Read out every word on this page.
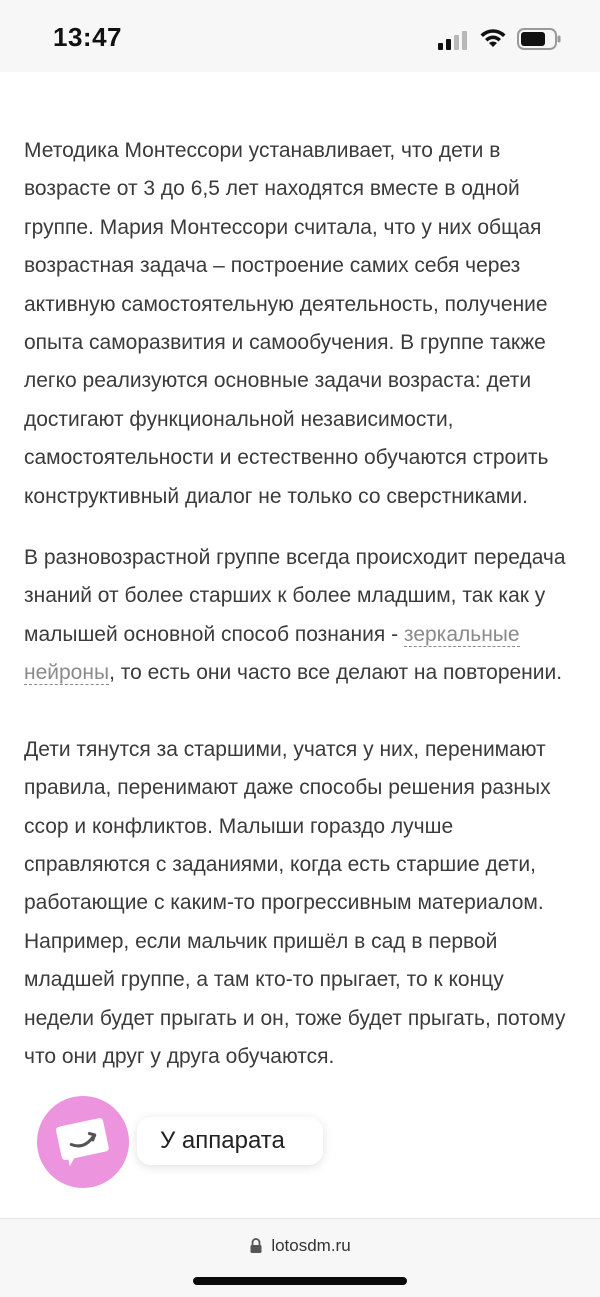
13:47

Методика Монтессори устанавливает, что дети в возрасте от 3 до 6,5 лет находятся вместе в одной группе. Мария Монтессори считала, что у них общая возрастная задача – построение самих себя через активную самостоятельную деятельность, получение опыта саморазвития и самообучения. В группе также легко реализуются основные задачи возраста: дети достигают функциональной независимости, самостоятельности и естественно обучаются строить конструктивный диалог не только со сверстниками.

В разновозрастной группе всегда происходит передача знаний от более старших к более младшим, так как у малышей основной способ познания - зеркальные нейроны, то есть они часто все делают на повторении.

Дети тянутся за старшими, учатся у них, перенимают правила, перенимают даже способы решения разных ссор и конфликтов. Малыши гораздо лучше справляются с заданиями, когда есть старшие дети, работающие с каким-то прогрессивным материалом. Например, если мальчик пришёл в сад в первой младшей группе, а там кто-то прыгает, то к концу недели будет прыгать и он, тоже будет прыгать, потому что они друг у друга обучаются.

У аппарата
lotosdm.ru
